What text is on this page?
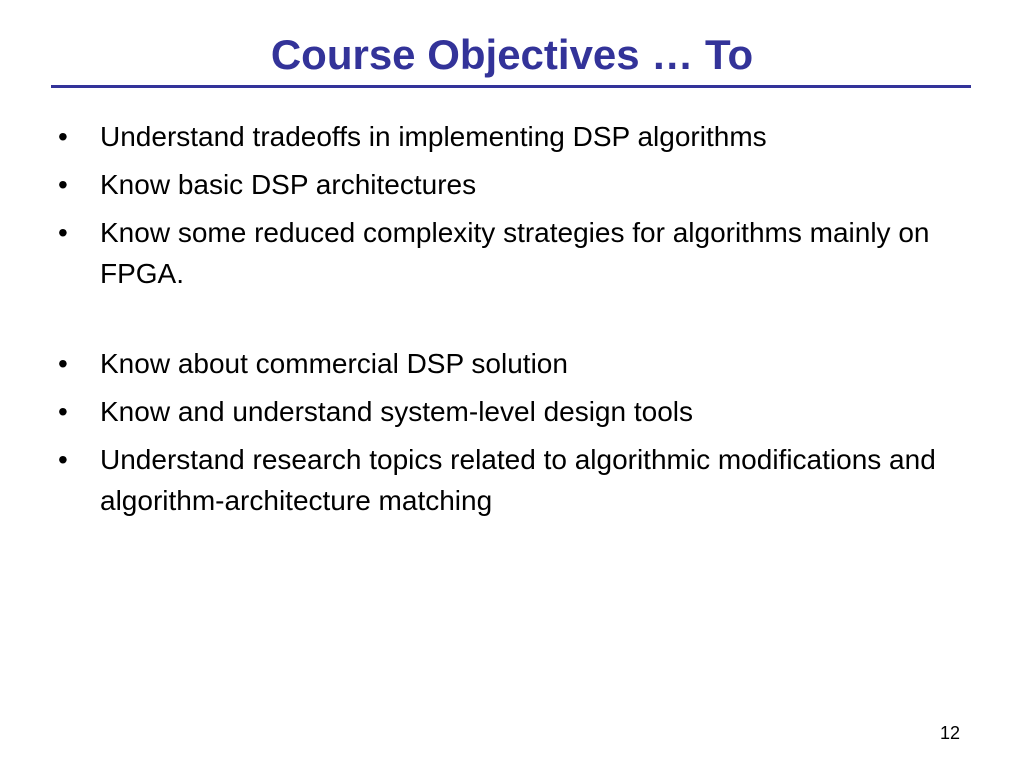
Course Objectives … To
• Understand tradeoffs in implementing DSP algorithms
• Know basic DSP architectures
• Know some reduced complexity strategies for algorithms mainly on FPGA.
• Know about commercial DSP solution
• Know and understand system-level design tools
• Understand research topics related to algorithmic modifications and algorithm-architecture matching
12
